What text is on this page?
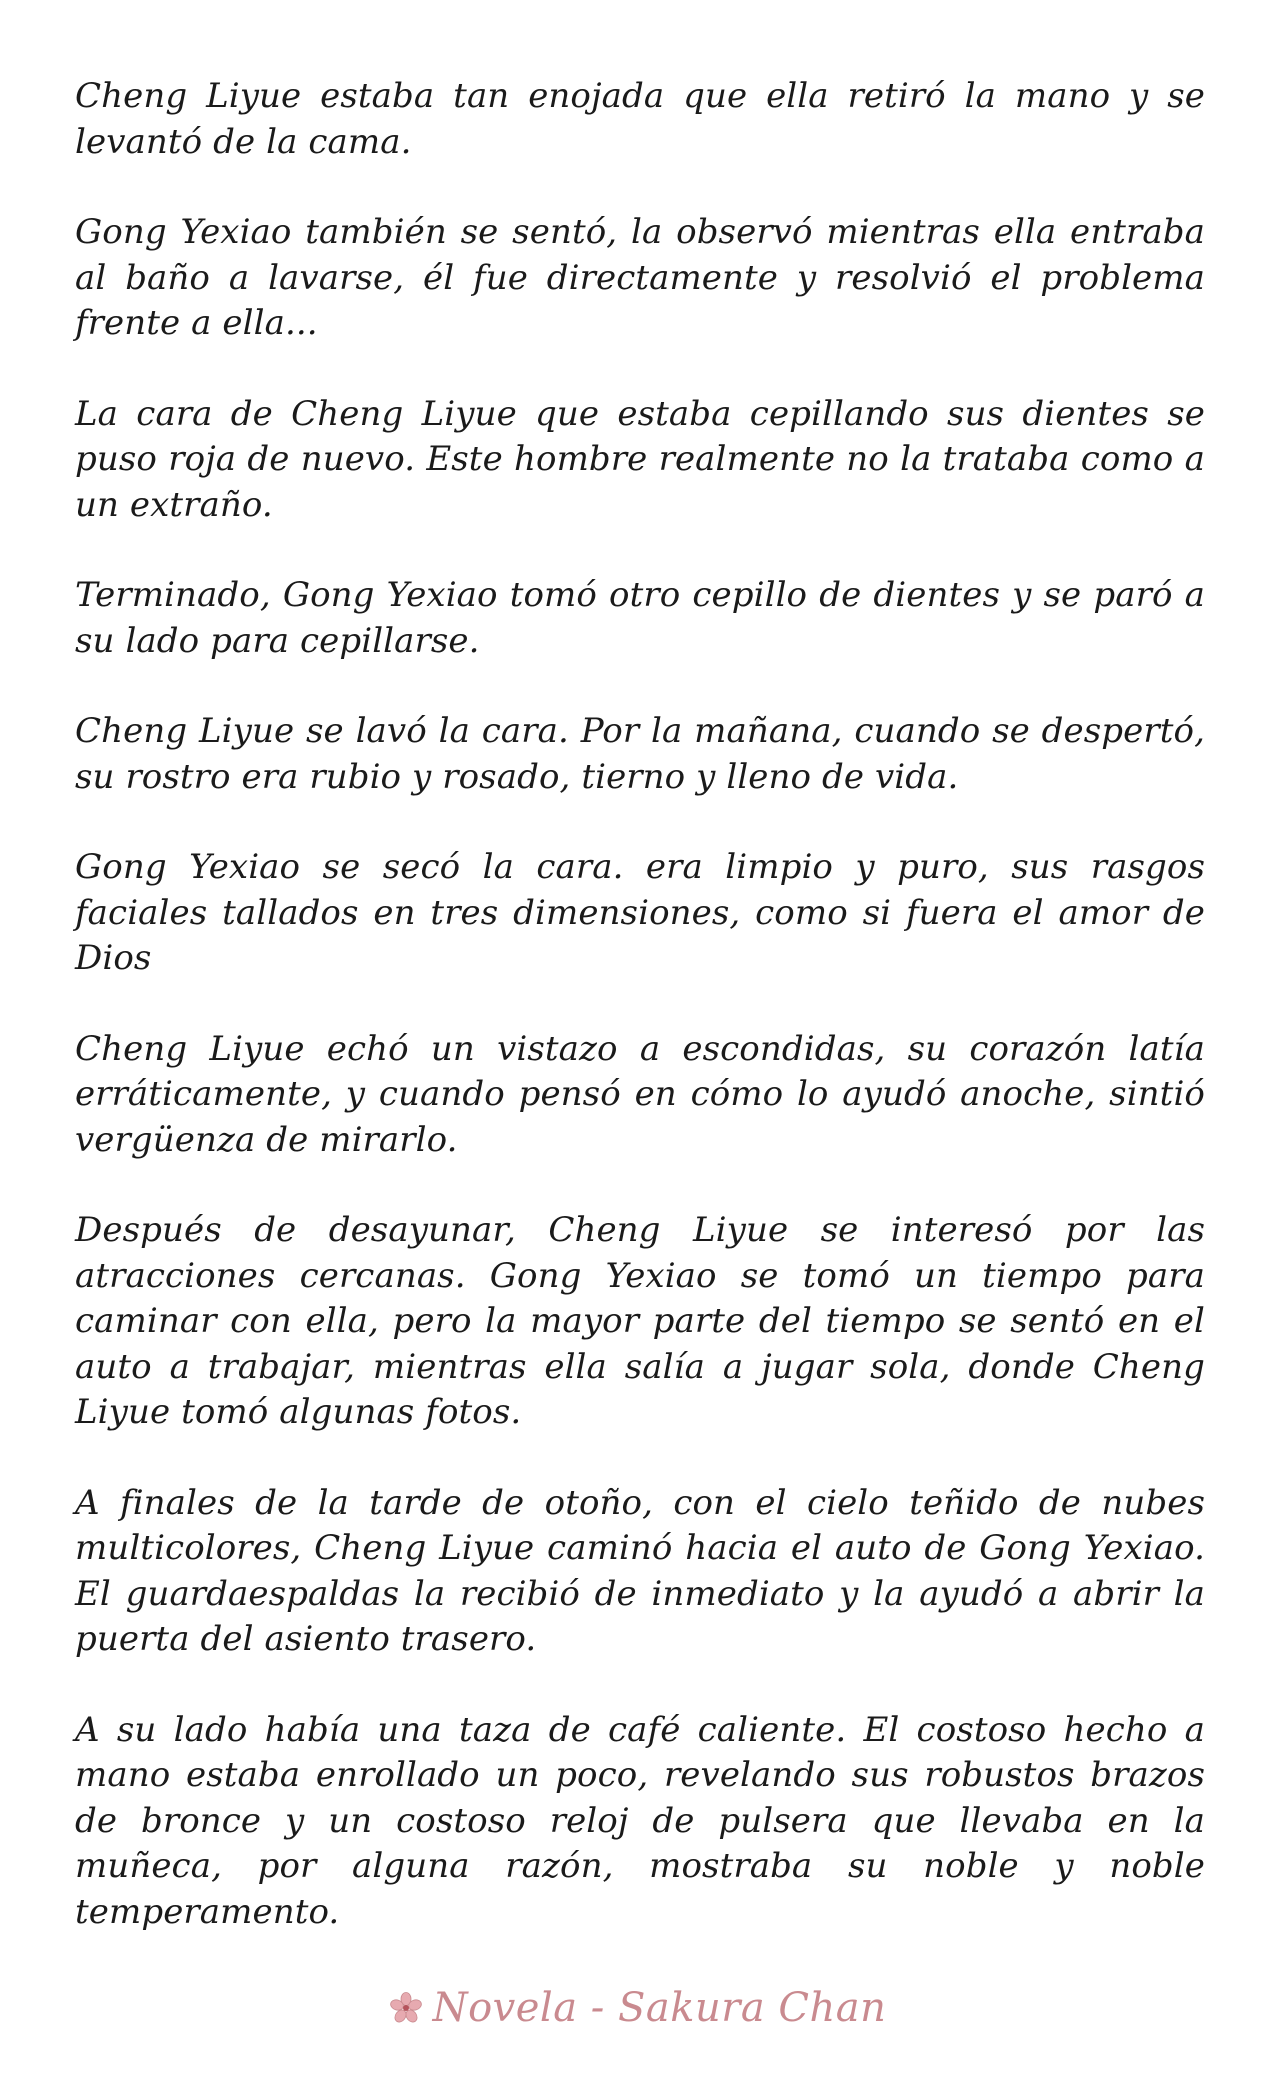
Cheng Liyue estaba tan enojada que ella retiró la mano y se levantó de la cama.

Gong Yexiao también se sentó, la observó mientras ella entraba al baño a lavarse, él fue directamente y resolvió el problema frente a ella...

La cara de Cheng Liyue que estaba cepillando sus dientes se puso roja de nuevo. Este hombre realmente no la trataba como a un extraño.

Terminado, Gong Yexiao tomó otro cepillo de dientes y se paró a su lado para cepillarse.

Cheng Liyue se lavó la cara. Por la mañana, cuando se despertó, su rostro era rubio y rosado, tierno y lleno de vida.

Gong Yexiao se secó la cara. era limpio y puro, sus rasgos faciales tallados en tres dimensiones, como si fuera el amor de Dios

Cheng Liyue echó un vistazo a escondidas, su corazón latía erráticamente, y cuando pensó en cómo lo ayudó anoche, sintió vergüenza de mirarlo.

Después de desayunar, Cheng Liyue se interesó por las atracciones cercanas. Gong Yexiao se tomó un tiempo para caminar con ella, pero la mayor parte del tiempo se sentó en el auto a trabajar, mientras ella salía a jugar sola, donde Cheng Liyue tomó algunas fotos.

A finales de la tarde de otoño, con el cielo teñido de nubes multicolores, Cheng Liyue caminó hacia el auto de Gong Yexiao. El guardaespaldas la recibió de inmediato y la ayudó a abrir la puerta del asiento trasero.

A su lado había una taza de café caliente. El costoso hecho a mano estaba enrollado un poco, revelando sus robustos brazos de bronce y un costoso reloj de pulsera que llevaba en la muñeca, por alguna razón, mostraba su noble y noble temperamento.

Novela - Sakura Chan
